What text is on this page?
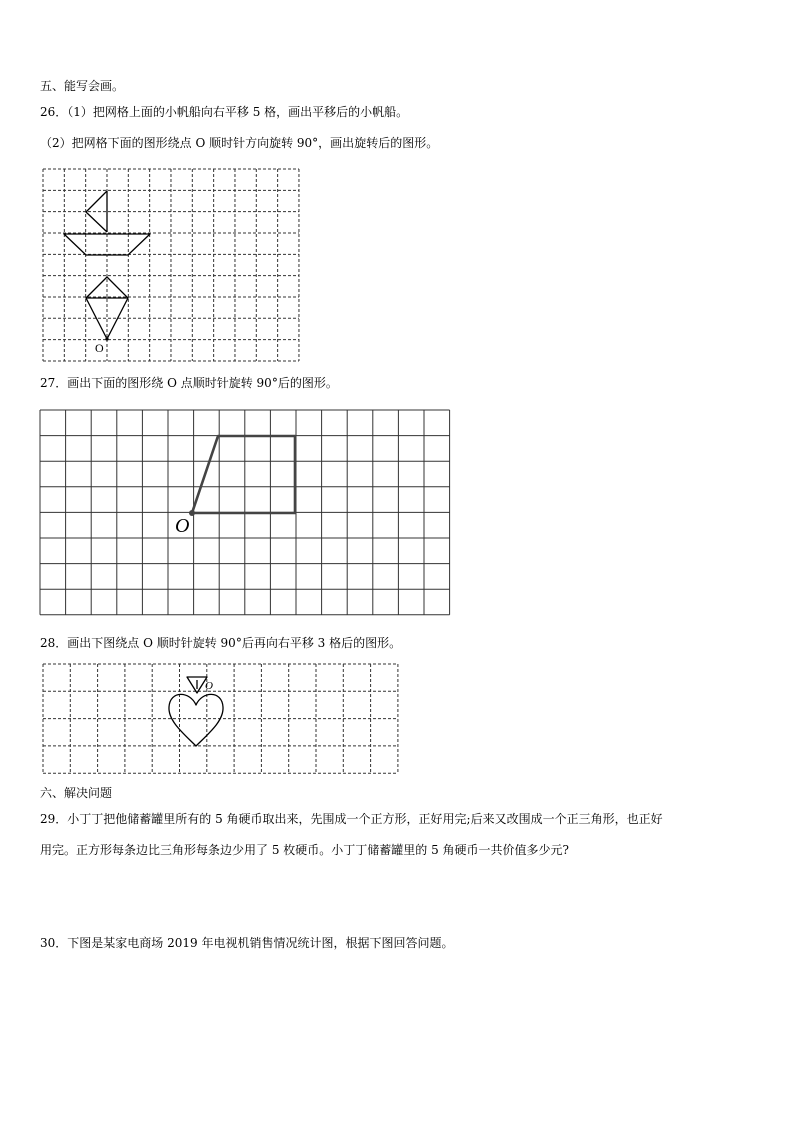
五、能写会画。
26．（1）把网格上面的小帆船向右平移 5 格，画出平移后的小帆船。
（2）把网格下面的图形绕点 O 顺时针方向旋转 90°，画出旋转后的图形。
O
27．画出下面的图形绕 O 点顺时针旋转 90°后的图形。
O
28．画出下图绕点 O 顺时针旋转 90°后再向右平移 3 格后的图形。
O
六、解决问题
29．小丁丁把他储蓄罐里所有的 5 角硬币取出来，先围成一个正方形，正好用完;后来又改围成一个正三角形，也正好
用完。正方形每条边比三角形每条边少用了 5 枚硬币。小丁丁储蓄罐里的 5 角硬币一共价值多少元?
30．下图是某家电商场 2019 年电视机销售情况统计图，根据下图回答问题。
